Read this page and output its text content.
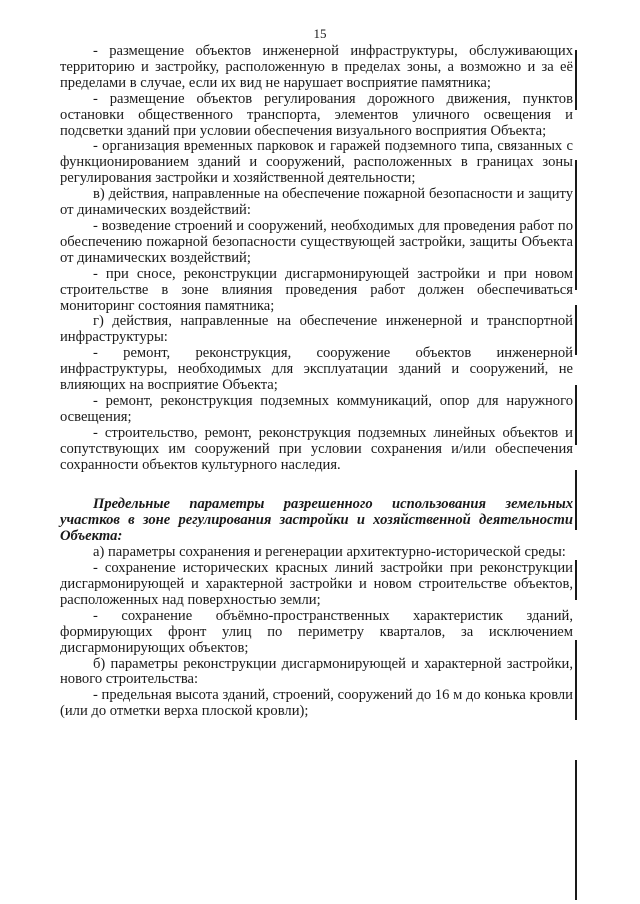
15

- размещение объектов инженерной инфраструктуры, обслуживающих территорию и застройку, расположенную в пределах зоны, а возможно и за её пределами в случае, если их вид не нарушает восприятие памятника;

- размещение объектов регулирования дорожного движения, пунктов остановки общественного транспорта, элементов уличного освещения и подсветки зданий при условии обеспечения визуального восприятия Объекта;

- организация временных парковок и гаражей подземного типа, связанных с функционированием зданий и сооружений, расположенных в границах зоны регулирования застройки и хозяйственной деятельности;

в) действия, направленные на обеспечение пожарной безопасности и защиту от динамических воздействий:

- возведение строений и сооружений, необходимых для проведения работ по обеспечению пожарной безопасности существующей застройки, защиты Объекта от динамических воздействий;

- при сносе, реконструкции дисгармонирующей застройки и при новом строительстве в зоне влияния проведения работ должен обеспечиваться мониторинг состояния памятника;

г) действия, направленные на обеспечение инженерной и транспортной инфраструктуры:

- ремонт, реконструкция, сооружение объектов инженерной инфраструктуры, необходимых для эксплуатации зданий и сооружений, не влияющих на восприятие Объекта;

- ремонт, реконструкция подземных коммуникаций, опор для наружного освещения;

- строительство, ремонт, реконструкция подземных линейных объектов и сопутствующих им сооружений при условии сохранения и/или обеспечения сохранности объектов культурного наследия.

Предельные параметры разрешенного использования земельных участков в зоне регулирования застройки и хозяйственной деятельности Объекта:

а) параметры сохранения и регенерации архитектурно-исторической среды:

- сохранение исторических красных линий застройки при реконструкции дисгармонирующей и характерной застройки и новом строительстве объектов, расположенных над поверхностью земли;

- сохранение объёмно-пространственных характеристик зданий, формирующих фронт улиц по периметру кварталов, за исключением дисгармонирующих объектов;

б) параметры реконструкции дисгармонирующей и характерной застройки, нового строительства:

- предельная высота зданий, строений, сооружений до 16 м до конька кровли (или до отметки верха плоской кровли);
